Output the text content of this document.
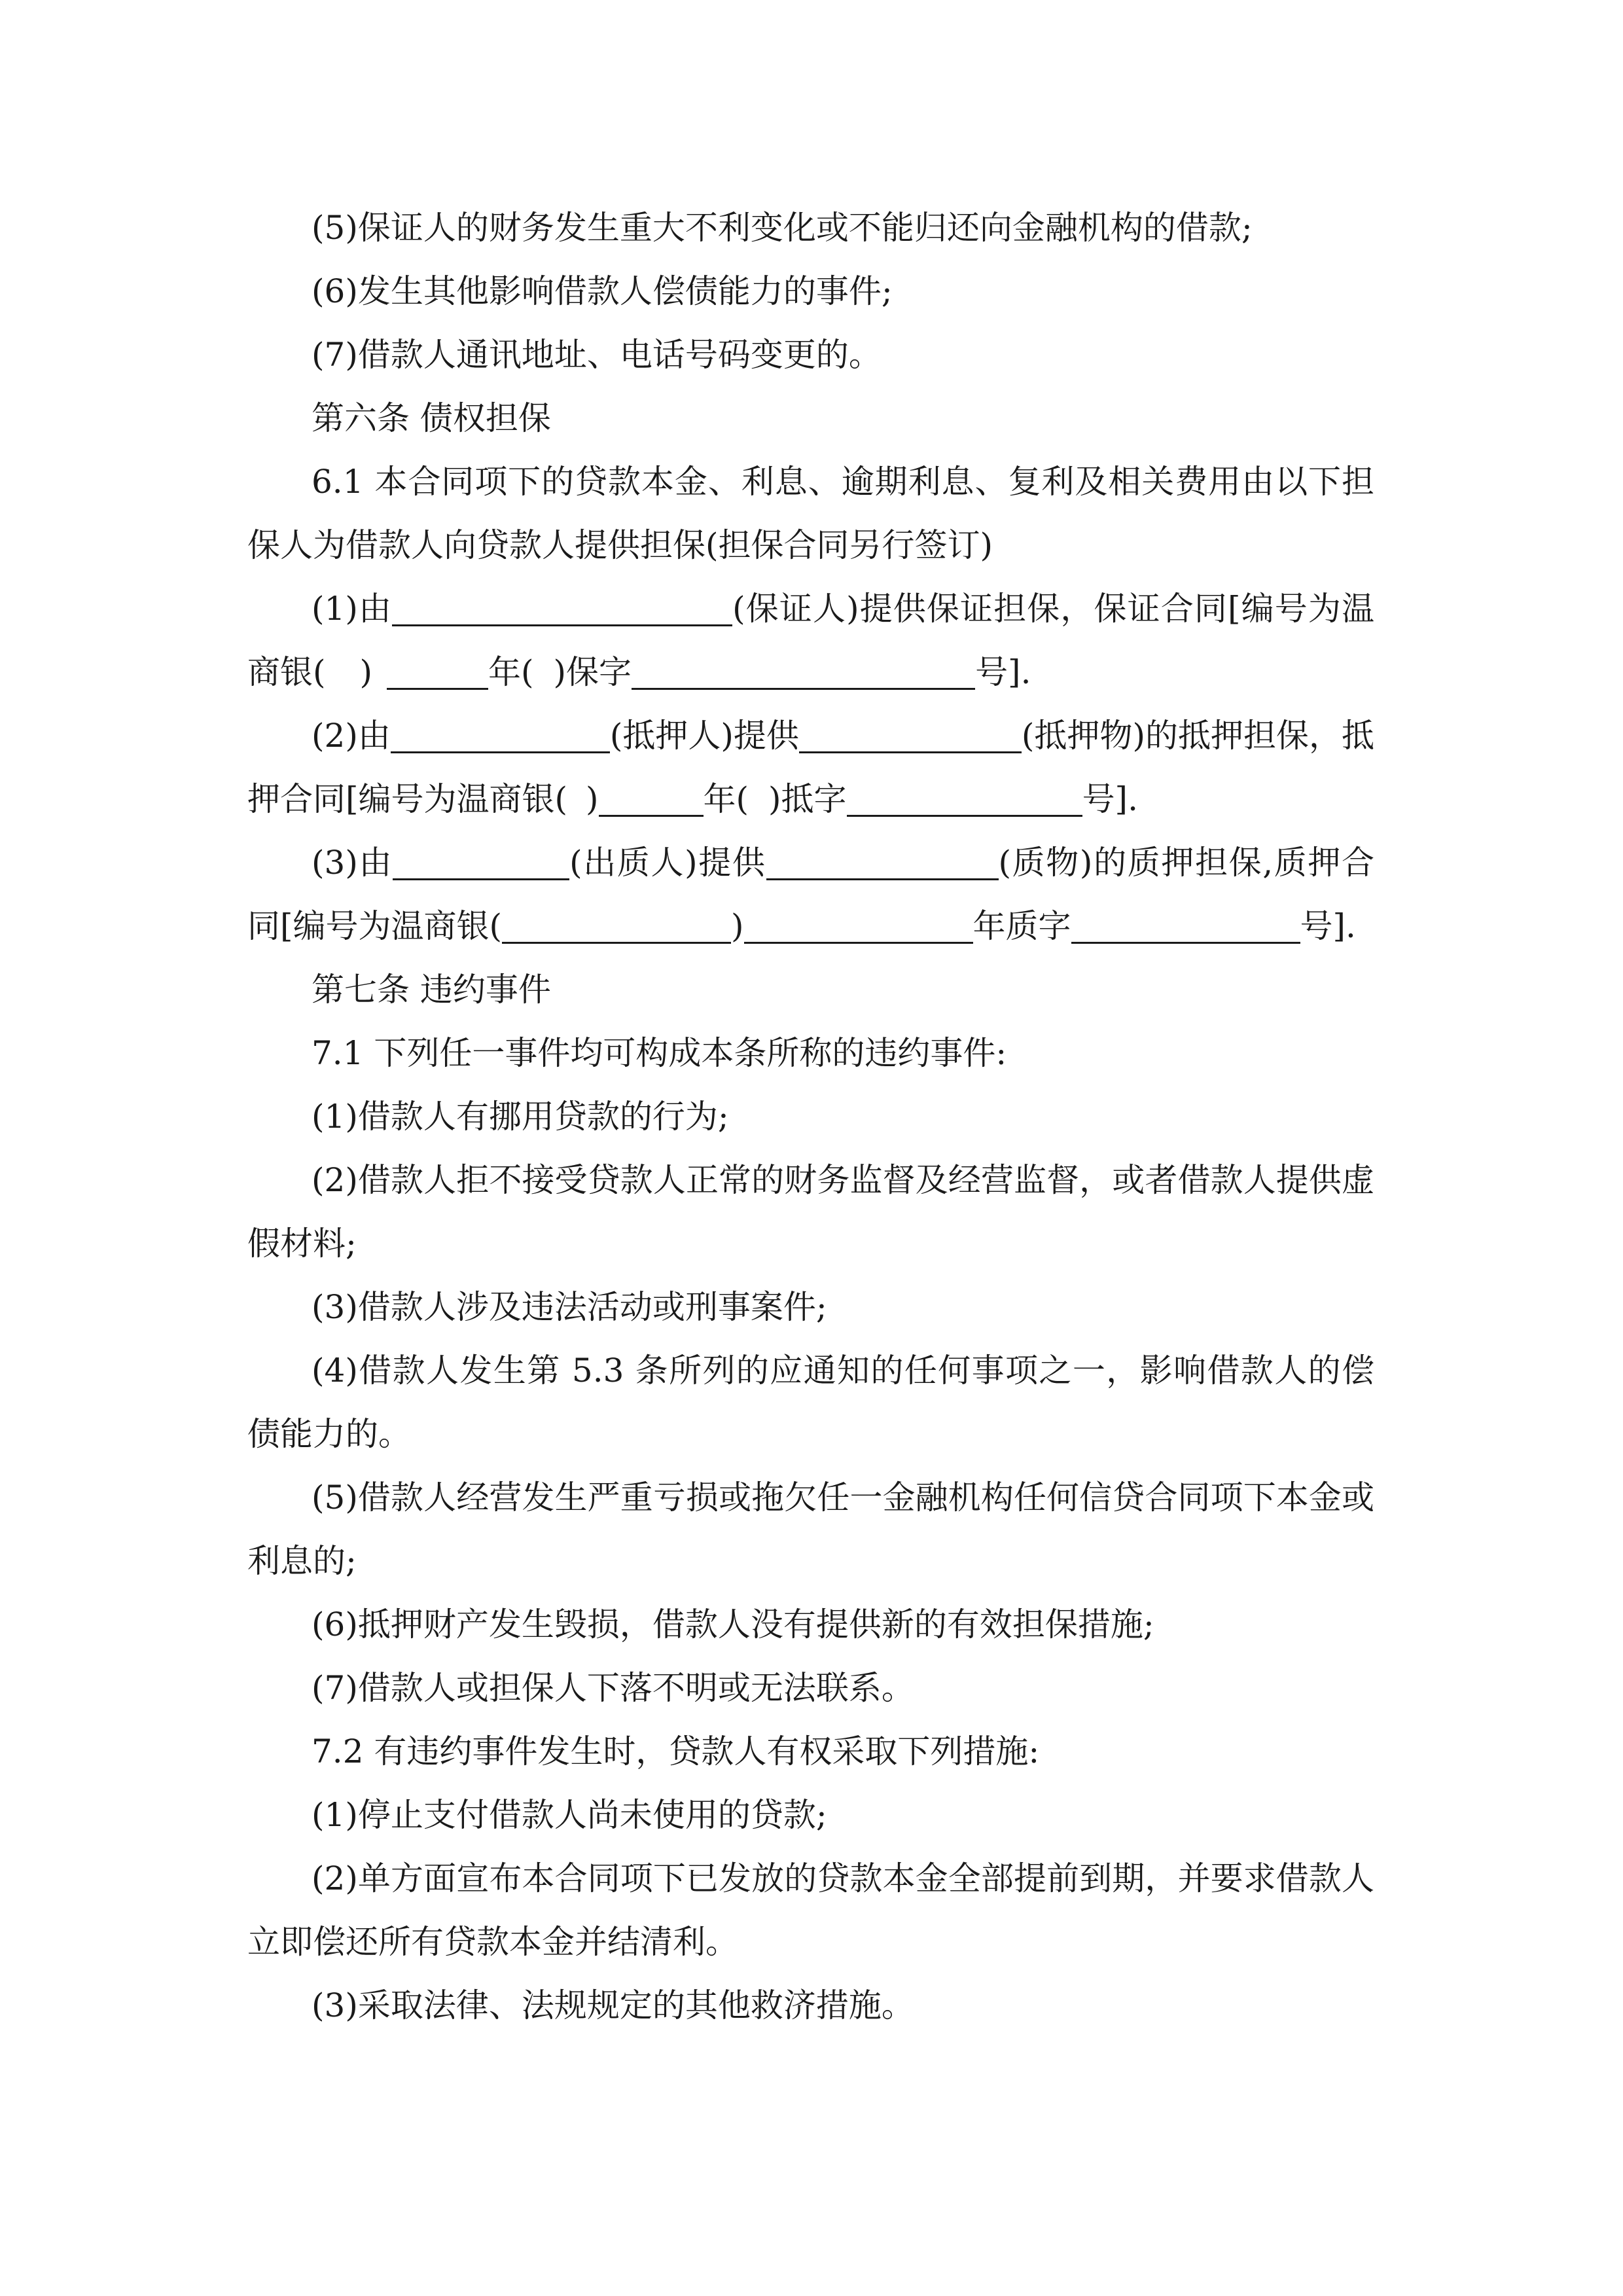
(5)保证人的财务发生重大不利变化或不能归还向金融机构的借款;

(6)发生其他影响借款人偿债能力的事件;

(7)借款人通讯地址、电话号码变更的。

第六条 债权担保

6.1 本合同项下的贷款本金、利息、逾期利息、复利及相关费用由以下担保人为借款人向贷款人提供担保(担保合同另行签订)

(1)由	(保证人)提供保证担保，保证合同[编号为温商银( )	年( )保字	号].

(2)由	(抵押人)提供	(抵押物)的抵押担保，抵押合同[编号为温商银( )	年( )抵字	号].

(3)由	(出质人)提供	(质物)的质押担保,质押合同[编号为温商银(	)	年质字	号].

第七条 违约事件

7.1 下列任一事件均可构成本条所称的违约事件:

(1)借款人有挪用贷款的行为;

(2)借款人拒不接受贷款人正常的财务监督及经营监督，或者借款人提供虚假材料;

(3)借款人涉及违法活动或刑事案件;

(4)借款人发生第 5.3 条所列的应通知的任何事项之一，影响借款人的偿债能力的。

(5)借款人经营发生严重亏损或拖欠任一金融机构任何信贷合同项下本金或利息的;

(6)抵押财产发生毁损，借款人没有提供新的有效担保措施;

(7)借款人或担保人下落不明或无法联系。

7.2 有违约事件发生时，贷款人有权采取下列措施:

(1)停止支付借款人尚未使用的贷款;

(2)单方面宣布本合同项下已发放的贷款本金全部提前到期，并要求借款人立即偿还所有贷款本金并结清利。

(3)采取法律、法规规定的其他救济措施。
